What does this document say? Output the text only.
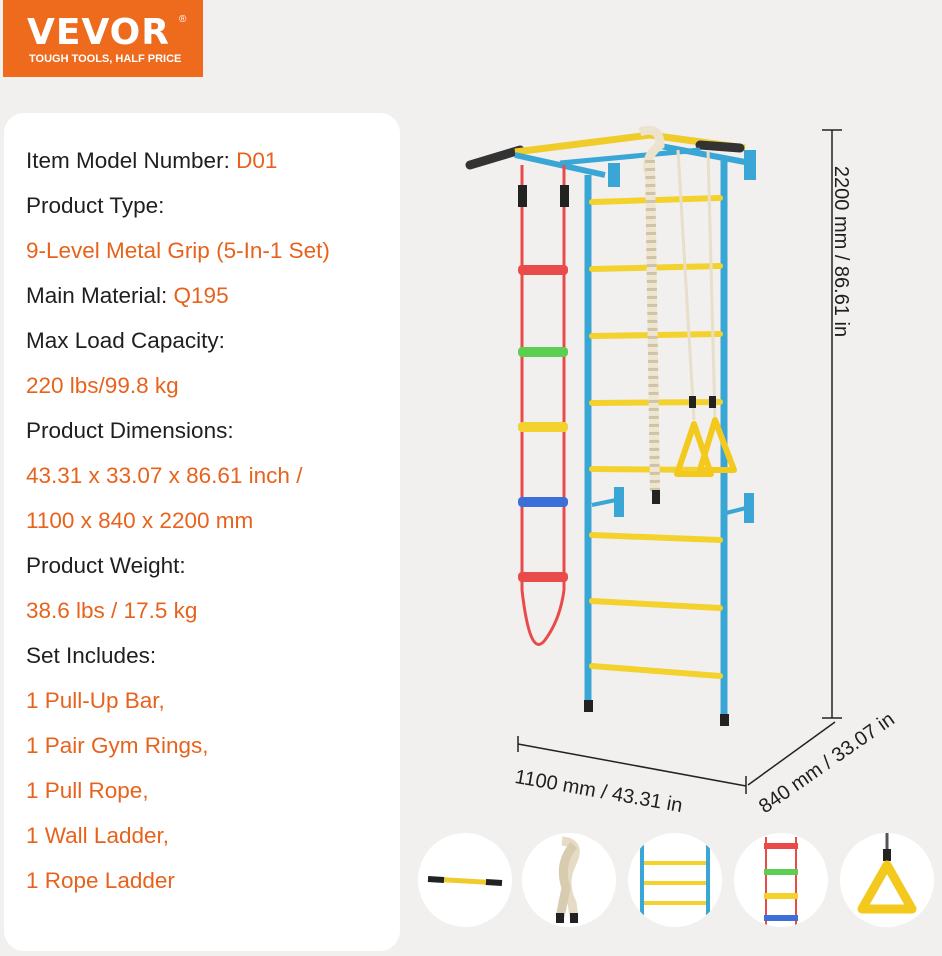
VEVOR ®
TOUGH TOOLS, HALF PRICE
Item Model Number: D01
Product Type:
9-Level Metal Grip (5-In-1 Set)
Main Material: Q195
Max Load Capacity:
220 lbs/99.8 kg
Product Dimensions:
43.31 x 33.07 x 86.61 inch /
1100 x 840 x 2200 mm
Product Weight:
38.6 lbs / 17.5 kg
Set Includes:
1 Pull-Up Bar,
1 Pair Gym Rings,
1 Pull Rope,
1 Wall Ladder,
1 Rope Ladder
2200 mm / 86.61 in
1100 mm / 43.31 in	840 mm / 33.07 in
